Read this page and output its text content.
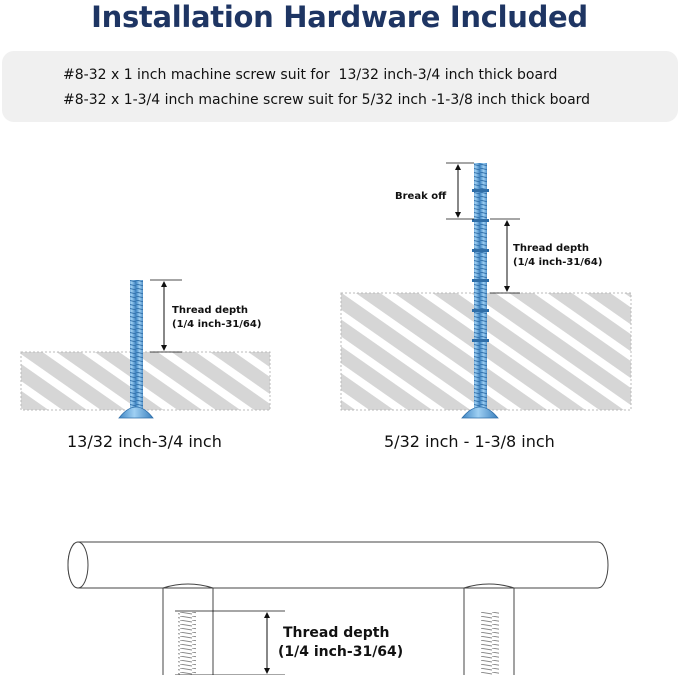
Installation Hardware Included
#8-32 x 1 inch machine screw suit for  13/32 inch-3/4 inch thick board
#8-32 x 1-3/4 inch machine screw suit for 5/32 inch -1-3/8 inch thick board
Thread depth
(1/4 inch-31/64)
Break off
Thread depth
(1/4 inch-31/64)
Thread depth
(1/4 inch-31/64)
13/32 inch-3/4 inch	5/32 inch - 1-3/8 inch
